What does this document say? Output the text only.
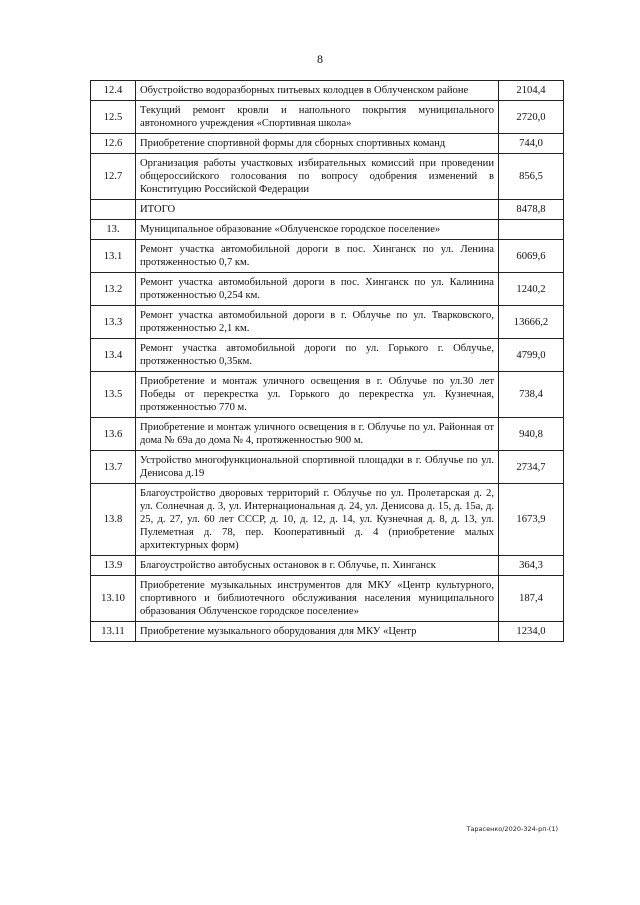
8
12.4	Обустройство водоразборных питьевых колодцев в Облученском районе	2104,4
12.5	Текущий ремонт кровли и напольного покрытия муниципального автономного учреждения «Спортивная школа»	2720,0
12.6	Приобретение спортивной формы для сборных спортивных команд	744,0
12.7	Организация работы участковых избирательных комиссий при проведении общероссийского голосования по вопросу одобрения изменений в Конституцию Российской Федерации	856,5
	ИТОГО	8478,8
13.	Муниципальное образование «Облученское городское поселение»	
13.1	Ремонт участка автомобильной дороги в пос. Хинганск по ул. Ленина протяженностью 0,7 км.	6069,6
13.2	Ремонт участка автомобильной дороги в пос. Хинганск по ул. Калинина протяженностью 0,254 км.	1240,2
13.3	Ремонт участка автомобильной дороги в г. Облучье по ул. Тварковского, протяженностью 2,1 км.	13666,2
13.4	Ремонт участка автомобильной дороги по ул. Горького г. Облучье, протяженностью 0,35км.	4799,0
13.5	Приобретение и монтаж уличного освещения в г. Облучье по ул.30 лет Победы от перекрестка ул. Горького до перекрестка ул. Кузнечная, протяженностью 770 м.	738,4
13.6	Приобретение и монтаж уличного освещения в г. Облучье по ул. Районная от дома № 69а до дома № 4, протяженностью 900 м.	940,8
13.7	Устройство многофункциональной спортивной площадки в г. Облучье по ул. Денисова д.19	2734,7
13.8	Благоустройство дворовых территорий г. Облучье по ул. Пролетарская д. 2, ул. Солнечная д. 3, ул. Интернациональная д. 24, ул. Денисова д. 15, д. 15а, д. 25, д. 27, ул. 60 лет СССР, д. 10, д. 12, д. 14, ул. Кузнечная д. 8, д. 13, ул. Пулеметная д. 78, пер. Кооперативный д. 4 (приобретение малых архитектурных форм)	1673,9
13.9	Благоустройство автобусных остановок в г. Облучье, п. Хинганск	364,3
13.10	Приобретение музыкальных инструментов для МКУ «Центр культурного, спортивного и библиотечного обслуживания населения муниципального образования Облученское городское поселение»	187,4
13.11	Приобретение музыкального оборудования для МКУ «Центр	1234,0
Тарасенко/2020-324-рп-(1)
